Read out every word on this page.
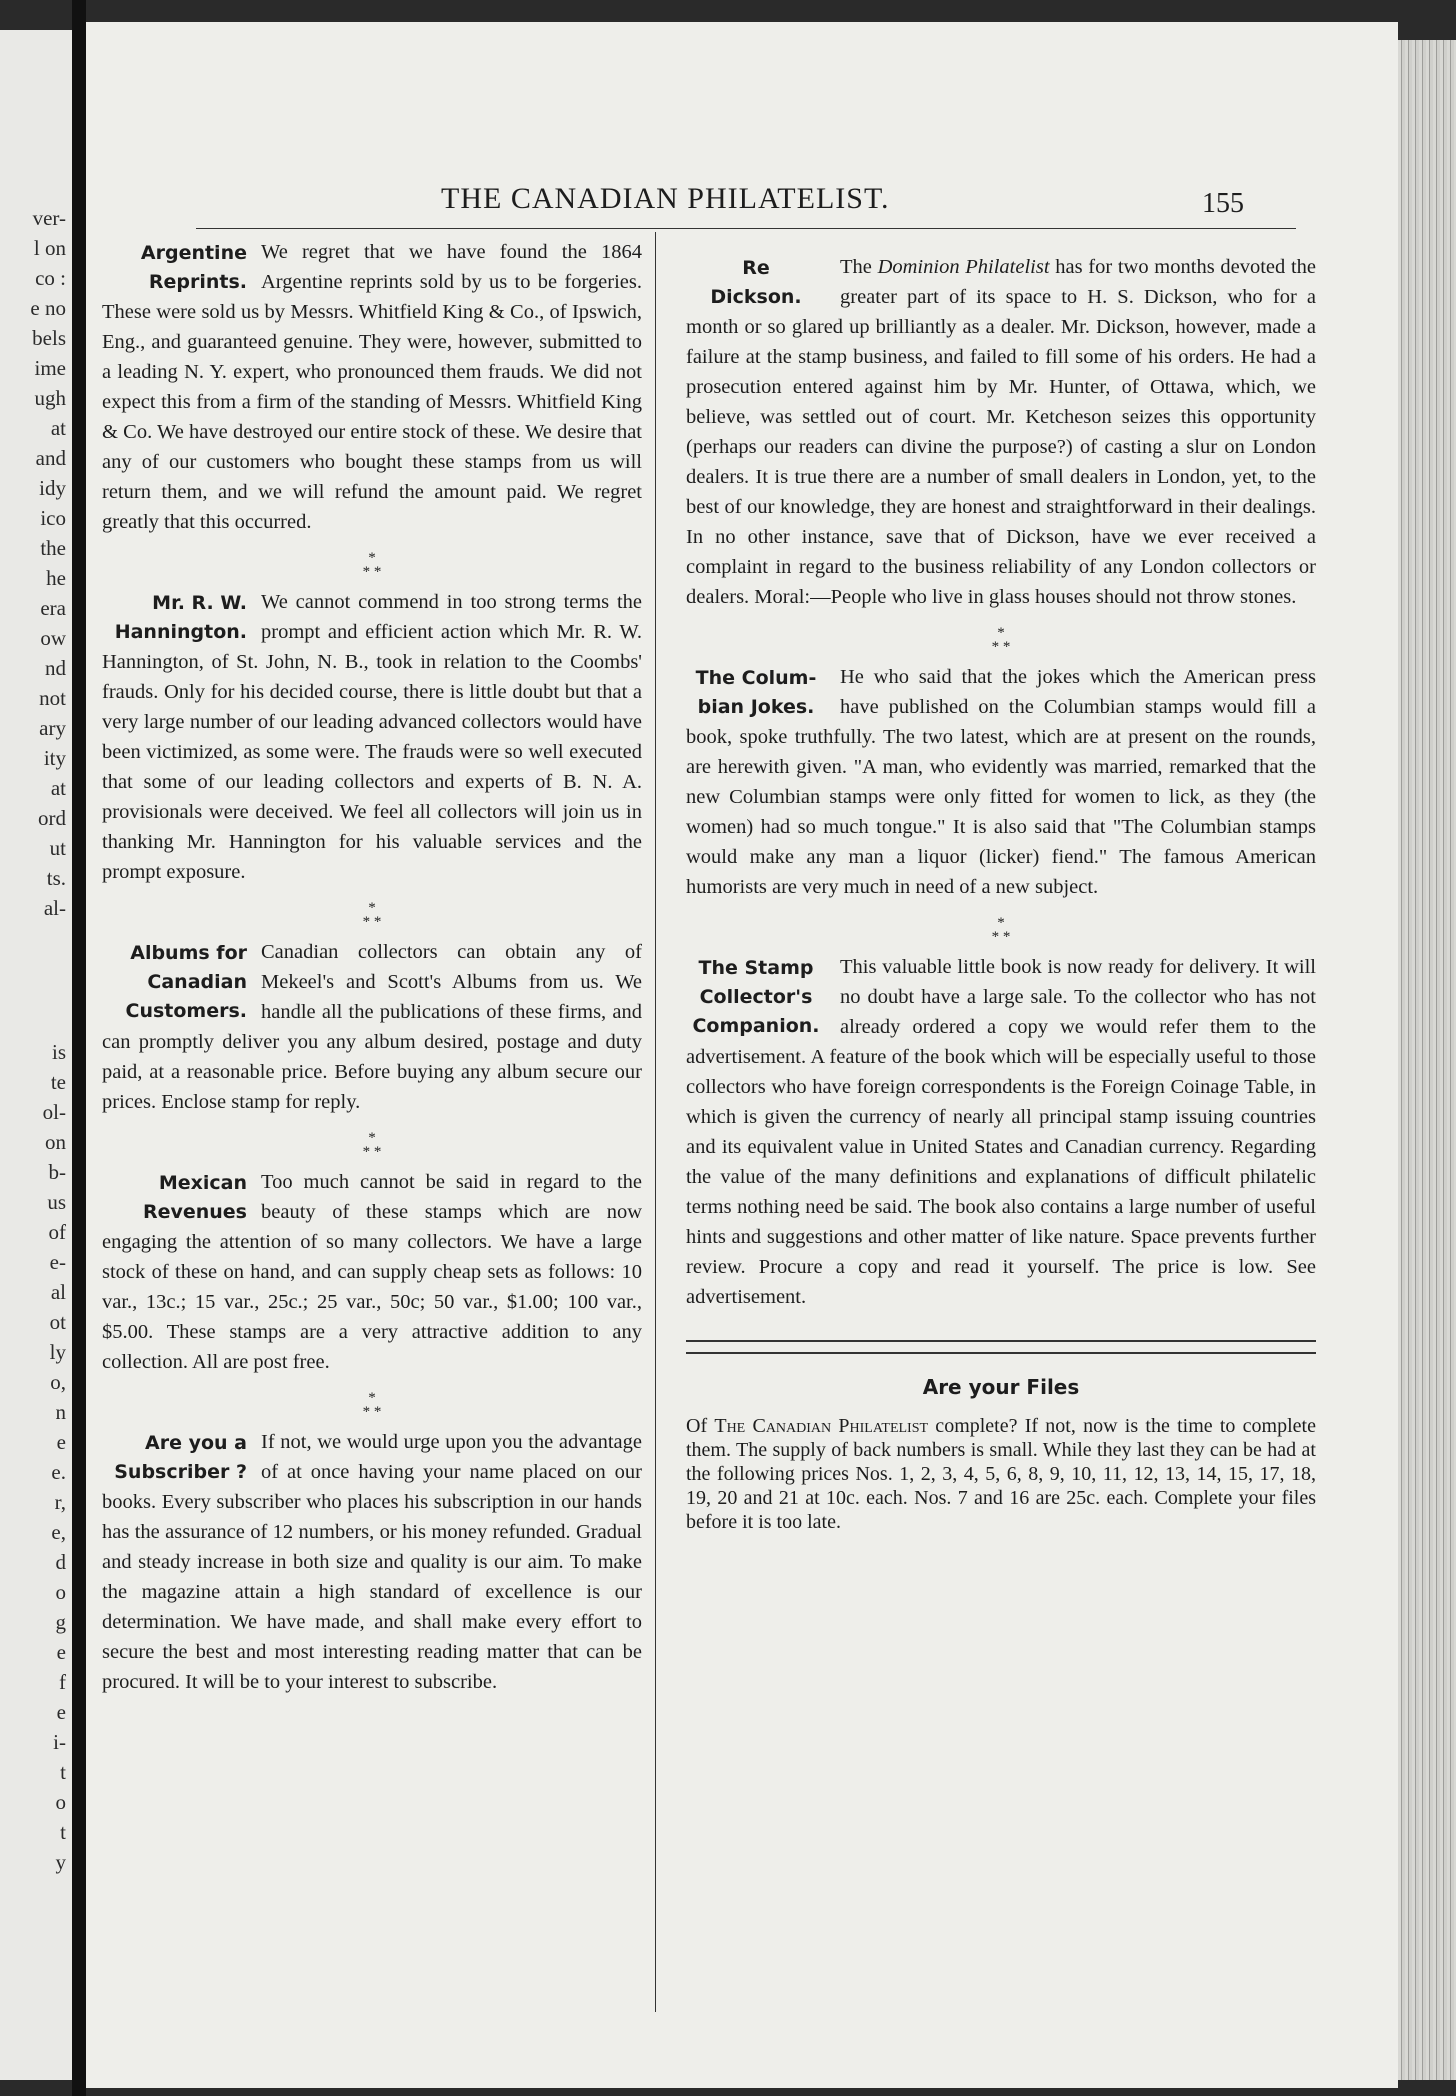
ver-
l on
co :
e no
bels
ime
ugh
at
and
idy
ico
the
he
era
ow
nd
not
ary
ity
at
ord
ut
ts.
al-
is
te
ol-
on
b-
us
of
e-
al
ot
ly
o,
n
e
e.
r,
e,
d
o
g
e
f
e
i-
t
o
t
y
THE CANADIAN PHILATELIST.	155
Argentine
Reprints.

We regret that we have found the 1864 Argentine reprints sold by us to be forgeries. These were sold us by Messrs. Whitfield King & Co., of Ipswich, Eng., and guaranteed genuine. They were, however, submitted to a leading N. Y. expert, who pronounced them frauds. We did not expect this from a firm of the standing of Messrs. Whitfield King & Co. We have destroyed our entire stock of these. We desire that any of our customers who bought these stamps from us will return them, and we will refund the amount paid. We regret greatly that this occurred.

*
* *
Mr. R. W.
Hannington.

We cannot commend in too strong terms the prompt and efficient action which Mr. R. W. Hannington, of St. John, N. B., took in relation to the Coombs' frauds. Only for his decided course, there is little doubt but that a very large number of our leading advanced collectors would have been victimized, as some were. The frauds were so well executed that some of our leading collectors and experts of B. N. A. provisionals were deceived. We feel all collectors will join us in thanking Mr. Hannington for his valuable services and the prompt exposure.

*
* *
Albums for
Canadian
Customers.

Canadian collectors can obtain any of Mekeel's and Scott's Albums from us. We handle all the publications of these firms, and can promptly deliver you any album desired, postage and duty paid, at a reasonable price. Before buying any album secure our prices. Enclose stamp for reply.

*
* *
Mexican
Revenues

Too much cannot be said in regard to the beauty of these stamps which are now engaging the attention of so many collectors. We have a large stock of these on hand, and can supply cheap sets as follows: 10 var., 13c.; 15 var., 25c.; 25 var., 50c; 50 var., $1.00; 100 var., $5.00. These stamps are a very attractive addition to any collection. All are post free.

*
* *
Are you a
Subscriber ?

If not, we would urge upon you the advantage of at once having your name placed on our books. Every subscriber who places his subscription in our hands has the assurance of 12 numbers, or his money refunded. Gradual and steady increase in both size and quality is our aim. To make the magazine attain a high standard of excellence is our determination. We have made, and shall make every effort to secure the best and most interesting reading matter that can be procured. It will be to your interest to subscribe.

Re
Dickson.

The Dominion Philatelist has for two months devoted the greater part of its space to H. S. Dickson, who for a month or so glared up brilliantly as a dealer. Mr. Dickson, however, made a failure at the stamp business, and failed to fill some of his orders. He had a prosecution entered against him by Mr. Hunter, of Ottawa, which, we believe, was settled out of court. Mr. Ketcheson seizes this opportunity (perhaps our readers can divine the purpose?) of casting a slur on London dealers. It is true there are a number of small dealers in London, yet, to the best of our knowledge, they are honest and straightforward in their dealings. In no other instance, save that of Dickson, have we ever received a complaint in regard to the business reliability of any London collectors or dealers. Moral:—People who live in glass houses should not throw stones.

*
* *
The Colum-
bian Jokes.

He who said that the jokes which the American press have published on the Columbian stamps would fill a book, spoke truthfully. The two latest, which are at present on the rounds, are herewith given. "A man, who evidently was married, remarked that the new Columbian stamps were only fitted for women to lick, as they (the women) had so much tongue." It is also said that "The Columbian stamps would make any man a liquor (licker) fiend." The famous American humorists are very much in need of a new subject.

*
* *
The Stamp
Collector's
Companion.

This valuable little book is now ready for delivery. It will no doubt have a large sale. To the collector who has not already ordered a copy we would refer them to the advertisement. A feature of the book which will be especially useful to those collectors who have foreign correspondents is the Foreign Coinage Table, in which is given the currency of nearly all principal stamp issuing countries and its equivalent value in United States and Canadian currency. Regarding the value of the many definitions and explanations of difficult philatelic terms nothing need be said. The book also contains a large number of useful hints and suggestions and other matter of like nature. Space prevents further review. Procure a copy and read it yourself. The price is low. See advertisement.

Are your Files

Of The Canadian Philatelist complete? If not, now is the time to complete them. The supply of back numbers is small. While they last they can be had at the following prices Nos. 1, 2, 3, 4, 5, 6, 8, 9, 10, 11, 12, 13, 14, 15, 17, 18, 19, 20 and 21 at 10c. each. Nos. 7 and 16 are 25c. each. Complete your files before it is too late.
